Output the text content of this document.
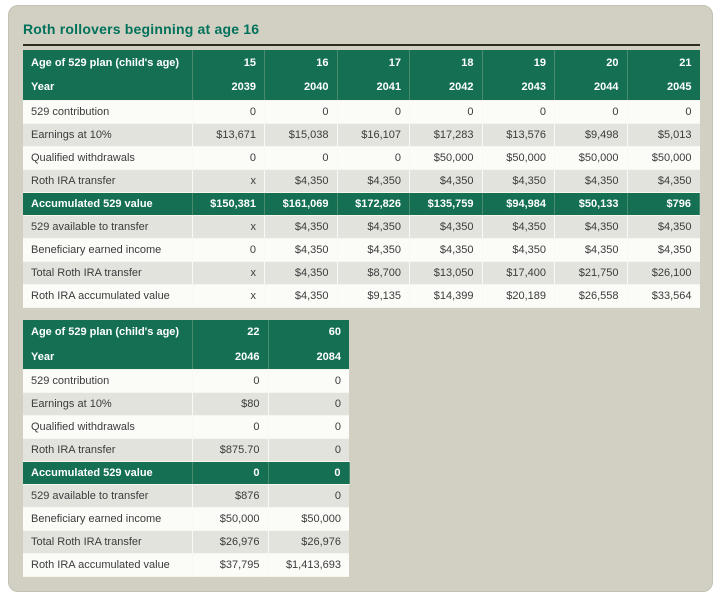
Roth rollovers beginning at age 16
Age of 529 plan (child's age)	15	16	17	18	19	20	21
Year	2039	2040	2041	2042	2043	2044	2045
529 contribution	0	0	0	0	0	0	0
Earnings at 10%	$13,671	$15,038	$16,107	$17,283	$13,576	$9,498	$5,013
Qualified withdrawals	0	0	0	$50,000	$50,000	$50,000	$50,000
Roth IRA transfer	x	$4,350	$4,350	$4,350	$4,350	$4,350	$4,350
Accumulated 529 value	$150,381	$161,069	$172,826	$135,759	$94,984	$50,133	$796
529 available to transfer	x	$4,350	$4,350	$4,350	$4,350	$4,350	$4,350
Beneficiary earned income	0	$4,350	$4,350	$4,350	$4,350	$4,350	$4,350
Total Roth IRA transfer	x	$4,350	$8,700	$13,050	$17,400	$21,750	$26,100
Roth IRA accumulated value	x	$4,350	$9,135	$14,399	$20,189	$26,558	$33,564
Age of 529 plan (child's age)	22	60
Year	2046	2084
529 contribution	0	0
Earnings at 10%	$80	0
Qualified withdrawals	0	0
Roth IRA transfer	$875.70	0
Accumulated 529 value	0	0
529 available to transfer	$876	0
Beneficiary earned income	$50,000	$50,000
Total Roth IRA transfer	$26,976	$26,976
Roth IRA accumulated value	$37,795	$1,413,693
